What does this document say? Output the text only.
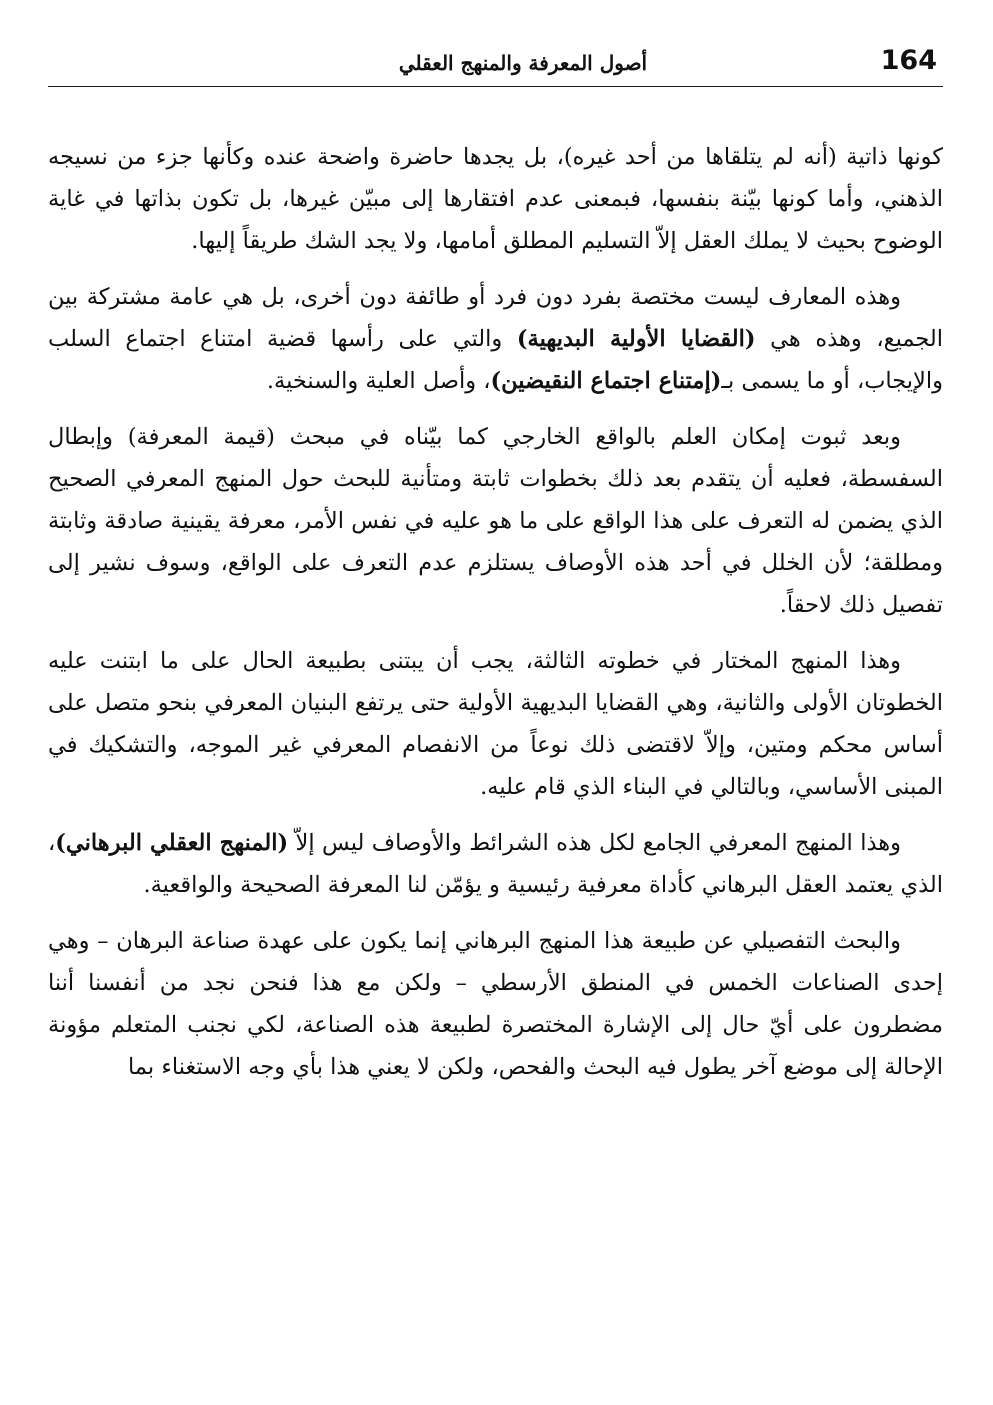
164
أصول المعرفة والمنهج العقلي

كونها ذاتية (أنه لم يتلقاها من أحد غيره)، بل يجدها حاضرة واضحة عنده وكأنها جزء من نسيجه الذهني، وأما كونها بيّنة بنفسها، فبمعنى عدم افتقارها إلى مبيّن غيرها، بل تكون بذاتها في غاية الوضوح بحيث لا يملك العقل إلاّ التسليم المطلق أمامها، ولا يجد الشك طريقاً إليها.

وهذه المعارف ليست مختصة بفرد دون فرد أو طائفة دون أخرى، بل هي عامة مشتركة بين الجميع، وهذه هي (القضايا الأولية البديهية) والتي على رأسها قضية امتناع اجتماع السلب والإيجاب، أو ما يسمى بـ(إمتناع اجتماع النقيضين)، وأصل العلية والسنخية.

وبعد ثبوت إمكان العلم بالواقع الخارجي كما بيّناه في مبحث (قيمة المعرفة) وإبطال السفسطة، فعليه أن يتقدم بعد ذلك بخطوات ثابتة ومتأنية للبحث حول المنهج المعرفي الصحيح الذي يضمن له التعرف على هذا الواقع على ما هو عليه في نفس الأمر، معرفة يقينية صادقة وثابتة ومطلقة؛ لأن الخلل في أحد هذه الأوصاف يستلزم عدم التعرف على الواقع، وسوف نشير إلى تفصيل ذلك لاحقاً.

وهذا المنهج المختار في خطوته الثالثة، يجب أن يبتنى بطبيعة الحال على ما ابتنت عليه الخطوتان الأولى والثانية، وهي القضايا البديهية الأولية حتى يرتفع البنيان المعرفي بنحو متصل على أساس محكم ومتين، وإلاّ لاقتضى ذلك نوعاً من الانفصام المعرفي غير الموجه، والتشكيك في المبنى الأساسي، وبالتالي في البناء الذي قام عليه.

وهذا المنهج المعرفي الجامع لكل هذه الشرائط والأوصاف ليس إلاّ (المنهج العقلي البرهاني)، الذي يعتمد العقل البرهاني كأداة معرفية رئيسية و يؤمّن لنا المعرفة الصحيحة والواقعية.

والبحث التفصيلي عن طبيعة هذا المنهج البرهاني إنما يكون على عهدة صناعة البرهان – وهي إحدى الصناعات الخمس في المنطق الأرسطي – ولكن مع هذا فنحن نجد من أنفسنا أننا مضطرون على أيّ حال إلى الإشارة المختصرة لطبيعة هذه الصناعة، لكي نجنب المتعلم مؤونة الإحالة إلى موضع آخر يطول فيه البحث والفحص، ولكن لا يعني هذا بأي وجه الاستغناء بما
